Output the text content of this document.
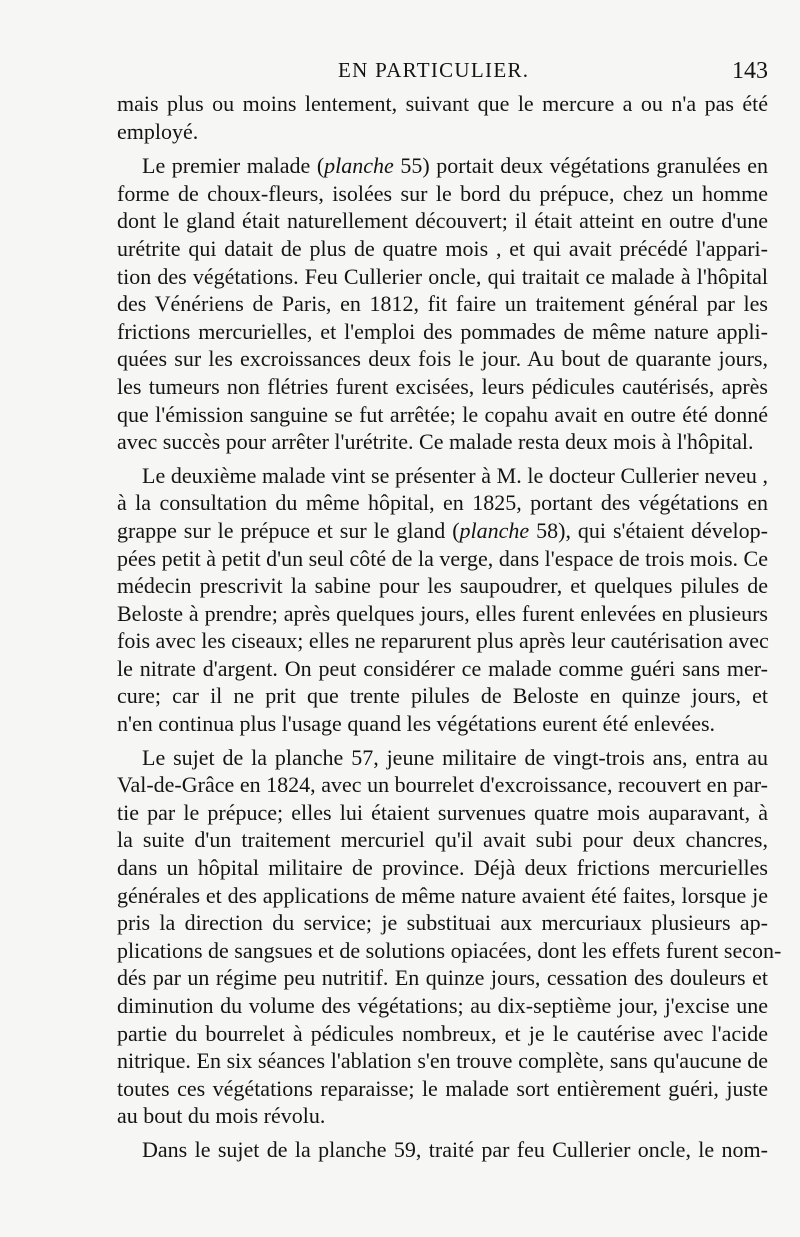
EN PARTICULIER.	143

mais plus ou moins lentement, suivant que le mercure a ou n'a pas été
employé.

Le premier malade (planche 55) portait deux végétations granulées en
forme de choux-fleurs, isolées sur le bord du prépuce, chez un homme
dont le gland était naturellement découvert; il était atteint en outre d'une
urétrite qui datait de plus de quatre mois , et qui avait précédé l'appari-
tion des végétations. Feu Cullerier oncle, qui traitait ce malade à l'hôpital
des Vénériens de Paris, en 1812, fit faire un traitement général par les
frictions mercurielles, et l'emploi des pommades de même nature appli-
quées sur les excroissances deux fois le jour. Au bout de quarante jours,
les tumeurs non flétries furent excisées, leurs pédicules cautérisés, après
que l'émission sanguine se fut arrêtée; le copahu avait en outre été donné
avec succès pour arrêter l'urétrite. Ce malade resta deux mois à l'hôpital.

Le deuxième malade vint se présenter à M. le docteur Cullerier neveu ,
à la consultation du même hôpital, en 1825, portant des végétations en
grappe sur le prépuce et sur le gland (planche 58), qui s'étaient dévelop-
pées petit à petit d'un seul côté de la verge, dans l'espace de trois mois. Ce
médecin prescrivit la sabine pour les saupoudrer, et quelques pilules de
Beloste à prendre; après quelques jours, elles furent enlevées en plusieurs
fois avec les ciseaux; elles ne reparurent plus après leur cautérisation avec
le nitrate d'argent. On peut considérer ce malade comme guéri sans mer-
cure; car il ne prit que trente pilules de Beloste en quinze jours, et
n'en continua plus l'usage quand les végétations eurent été enlevées.

Le sujet de la planche 57, jeune militaire de vingt-trois ans, entra au
Val-de-Grâce en 1824, avec un bourrelet d'excroissance, recouvert en par-
tie par le prépuce; elles lui étaient survenues quatre mois auparavant, à
la suite d'un traitement mercuriel qu'il avait subi pour deux chancres,
dans un hôpital militaire de province. Déjà deux frictions mercurielles
générales et des applications de même nature avaient été faites, lorsque je
pris la direction du service; je substituai aux mercuriaux plusieurs ap-
plications de sangsues et de solutions opiacées, dont les effets furent secon-
dés par un régime peu nutritif. En quinze jours, cessation des douleurs et
diminution du volume des végétations; au dix-septième jour, j'excise une
partie du bourrelet à pédicules nombreux, et je le cautérise avec l'acide
nitrique. En six séances l'ablation s'en trouve complète, sans qu'aucune de
toutes ces végétations reparaisse; le malade sort entièrement guéri, juste
au bout du mois révolu.

Dans le sujet de la planche 59, traité par feu Cullerier oncle, le nom-
